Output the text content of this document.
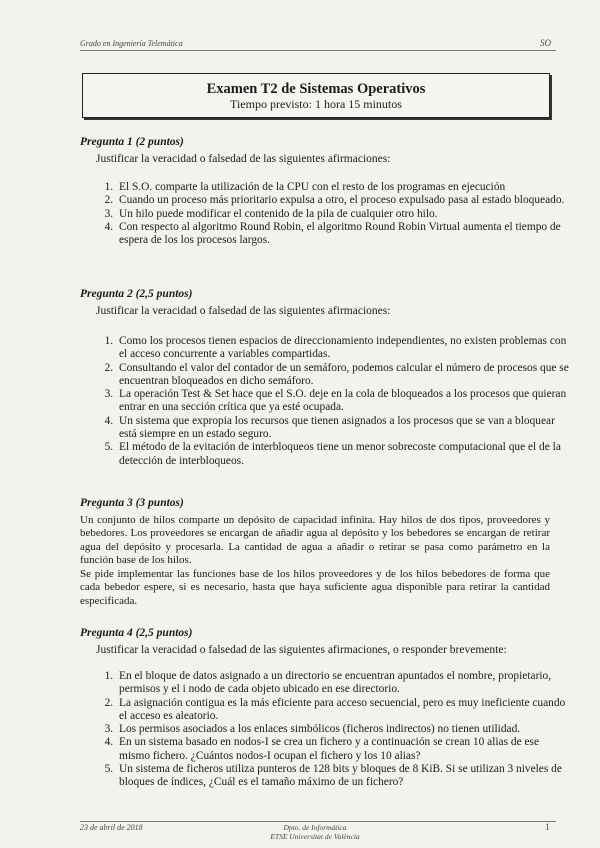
Grado en Ingeniería Telemática	SO
Examen T2 de Sistemas Operativos
Tiempo previsto: 1 hora 15 minutos
Pregunta 1 (2 puntos)
Justificar la veracidad o falsedad de las siguientes afirmaciones:
1. El S.O. comparte la utilización de la CPU con el resto de los programas en ejecución
2. Cuando un proceso más prioritario expulsa a otro, el proceso expulsado pasa al estado bloqueado.
3. Un hilo puede modificar el contenido de la pila de cualquier otro hilo.
4. Con respecto al algoritmo Round Robin, el algoritmo Round Robin Virtual aumenta el tiempo de espera de los los procesos largos.
Pregunta 2 (2,5 puntos)
Justificar la veracidad o falsedad de las siguientes afirmaciones:
1. Como los procesos tienen espacios de direccionamiento independientes, no existen problemas con el acceso concurrente a variables compartidas.
2. Consultando el valor del contador de un semáforo, podemos calcular el número de procesos que se encuentran bloqueados en dicho semáforo.
3. La operación Test & Set hace que el S.O. deje en la cola de bloqueados a los procesos que quieran entrar en una sección crítica que ya esté ocupada.
4. Un sistema que expropia los recursos que tienen asignados a los procesos que se van a bloquear está siempre en un estado seguro.
5. El método de la evitación de interbloqueos tiene un menor sobrecoste computacional que el de la detección de interbloqueos.
Pregunta 3 (3 puntos)

Un conjunto de hilos comparte un depósito de capacidad infinita. Hay hilos de dos tipos, proveedores y bebedores. Los proveedores se encargan de añadir agua al depósito y los bebedores se encargan de retirar agua del depósito y procesarla. La cantidad de agua a añadir o retirar se pasa como parámetro en la función base de los hilos.

Se pide implementar las funciones base de los hilos proveedores y de los hilos bebedores de forma que cada bebedor espere, si es necesario, hasta que haya suficiente agua disponible para retirar la cantidad especificada.

Pregunta 4 (2,5 puntos)
Justificar la veracidad o falsedad de las siguientes afirmaciones, o responder brevemente:
1. En el bloque de datos asignado a un directorio se encuentran apuntados el nombre, propietario, permisos y el i nodo de cada objeto ubicado en ese directorio.
2. La asignación contigua es la más eficiente para acceso secuencial, pero es muy ineficiente cuando el acceso es aleatorio.
3. Los permisos asociados a los enlaces simbólicos (ficheros indirectos) no tienen utilidad.
4. En un sistema basado en nodos-I se crea un fichero y a continuación se crean 10 alias de ese mismo fichero. ¿Cuántos nodos-I ocupan el fichero y los 10 alias?
5. Un sistema de ficheros utiliza punteros de 128 bits y bloques de 8 KiB. Si se utilizan 3 niveles de bloques de índices, ¿Cuál es el tamaño máximo de un fichero?
23 de abril de 2018	Dpto. de Informática
ETSE Universitat de València
1
